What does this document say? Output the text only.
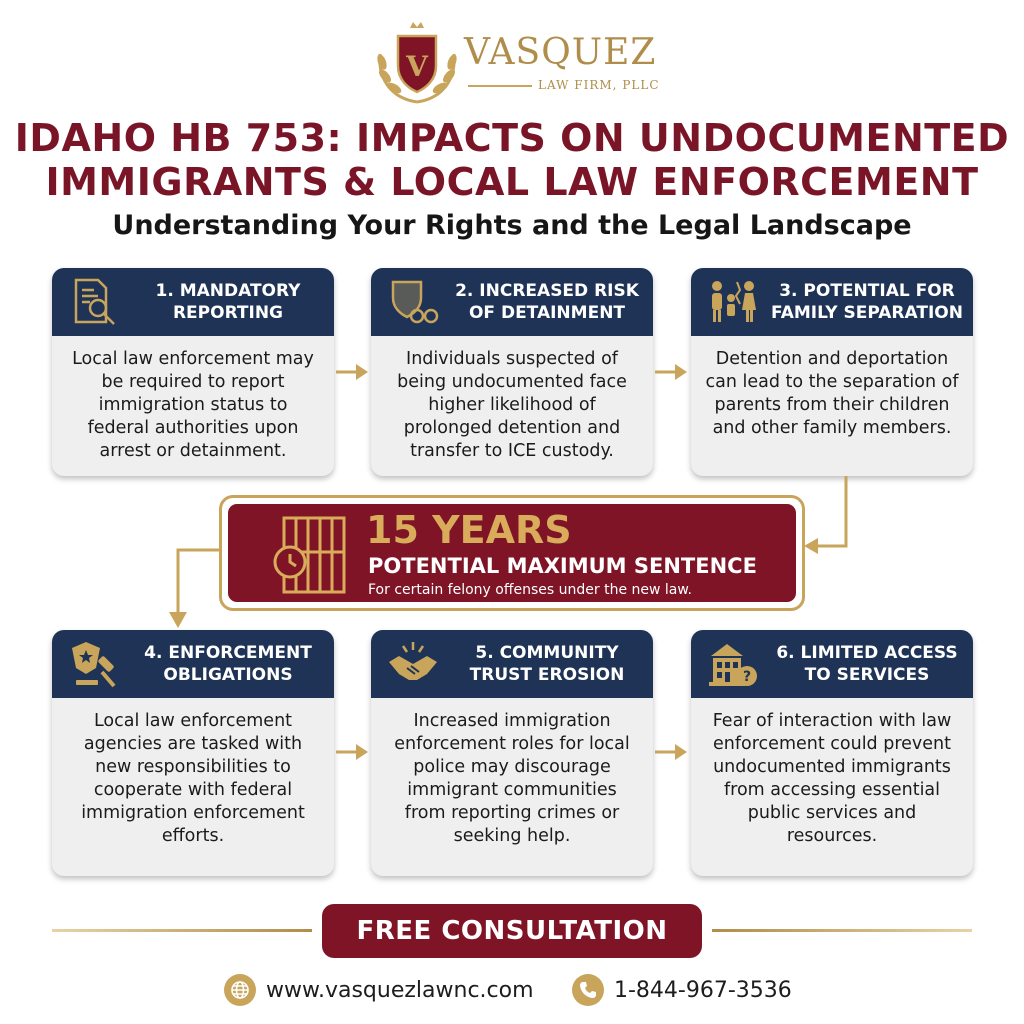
V VASQUEZ
LAW FIRM, PLLC
IDAHO HB 753: IMPACTS ON UNDOCUMENTED
IMMIGRANTS & LOCAL LAW ENFORCEMENT
Understanding Your Rights and the Legal Landscape
1. MANDATORY
REPORTING
Local law enforcement may be required to report immigration status to federal authorities upon arrest or detainment.
2. INCREASED RISK
OF DETAINMENT
Individuals suspected of being undocumented face higher likelihood of prolonged detention and transfer to ICE custody.
3. POTENTIAL FOR
FAMILY SEPARATION
Detention and deportation can lead to the separation of parents from their children and other family members.
15 YEARS
POTENTIAL MAXIMUM SENTENCE
For certain felony offenses under the new law.
4. ENFORCEMENT
OBLIGATIONS
Local law enforcement agencies are tasked with new responsibilities to cooperate with federal immigration enforcement efforts.
5. COMMUNITY
TRUST EROSION
Increased immigration enforcement roles for local police may discourage immigrant communities from reporting crimes or seeking help.
?
6. LIMITED ACCESS
TO SERVICES
Fear of interaction with law enforcement could prevent undocumented immigrants from accessing essential public services and resources.
FREE CONSULTATION
www.vasquezlawnc.com	1-844-967-3536
